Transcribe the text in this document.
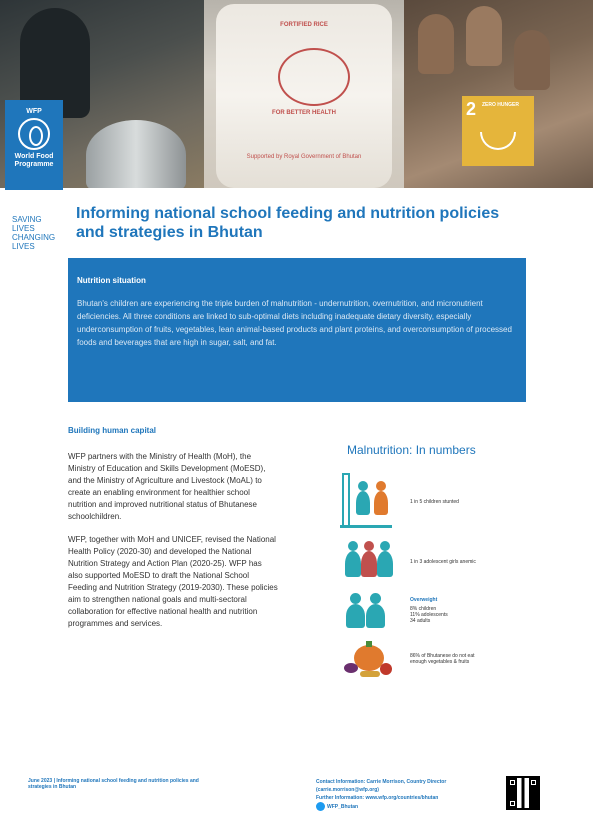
FORTIFIED RICE
FOR BETTER HEALTH
Supported by Royal Government of Bhutan
2	ZERO HUNGER
WFP
World Food
Programme
SAVING
LIVES
CHANGING
LIVES
Informing national school feeding and nutrition policies and strategies in Bhutan
Nutrition situation

Bhutan's children are experiencing the triple burden of malnutrition - undernutrition, overnutrition, and micronutrient deficiencies. All three conditions are linked to sub-optimal diets including inadequate dietary diversity, especially underconsumption of fruits, vegetables, lean animal-based products and plant proteins, and overconsumption of processed foods and beverages that are high in sugar, salt, and fat.

Building human capital

WFP partners with the Ministry of Health (MoH), the Ministry of Education and Skills Development (MoESD), and the Ministry of Agriculture and Livestock (MoAL) to create an enabling environment for healthier school nutrition and improved nutritional status of Bhutanese schoolchildren.

WFP, together with MoH and UNICEF, revised the National Health Policy (2020-30) and developed the National Nutrition Strategy and Action Plan (2020-25). WFP has also supported MoESD to draft the National School Feeding and Nutrition Strategy (2019-2030). These policies aim to strengthen national goals and multi-sectoral collaboration for effective national health and nutrition programmes and services.

Malnutrition: In numbers
1 in 5 children stunted
1 in 3 adolescent girls anemic
Overweight
8% children
11% adolescents
34 adults
86% of Bhutanese do not eat enough vegetables & fruits
June 2023 | Informing national school feeding and nutrition policies and strategies in Bhutan
Contact Information: Carrie Morrison, Country Director (carrie.morrison@wfp.org)
Further Information: www.wfp.org/countries/bhutan
WFP_Bhutan
